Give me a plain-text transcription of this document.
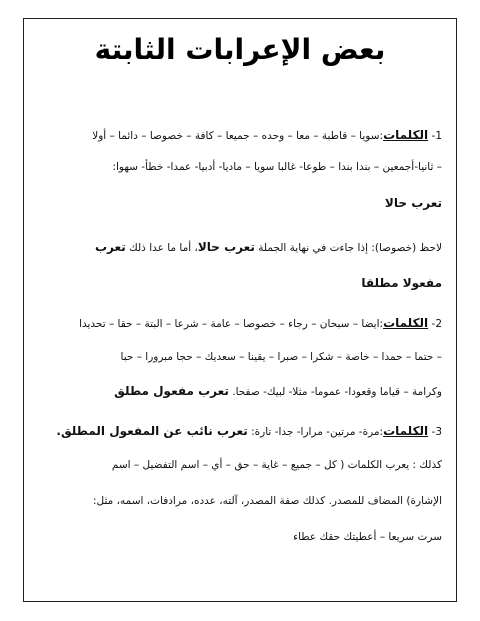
بعض الإعرابات الثابتة
1- الكلمات:سويا – قاطبة – معا – وحده – جميعا – كافة – خصوصا – دائما – أولا
– ثانيا-أجمعين – بندا بندا – طوعا- غالبا سويا – ماديا- أدبيا- عمدا- خطأ- سهوا:
تعرب حالا
لاحظ (خصوصا): إذا جاءت في نهاية الجملة تعرب حالا، أما ما عدا ذلك تعرب
مفعولا مطلقا
2- الكلمات:ايضا – سبحان – رجاء – خصوصا – عامة – شرعا – البتة – حقا – تحديدا
– حتما – حمدا – خاصة – شكرا – صبرا – يقينا – سعديك – حجا مبرورا – حبا
وكرامة – قياما وقعودا- عموما- مثلا- لبيك- صفحا. تعرب مفعول مطلق
3- الكلمات:مرة- مرتين- مرارا- جدا- تارة: تعرب نائب عن المفعول المطلق.
كذلك : يعرب الكلمات ( كل – جميع – غاية – حق – أي – اسم التفضيل – اسم
الإشارة) المضاف للمصدر. كذلك صفة المصدر، آلته، عدده، مرادفات، اسمه، مثل:
سرت سريعا – أعطيتك حقك عطاء
